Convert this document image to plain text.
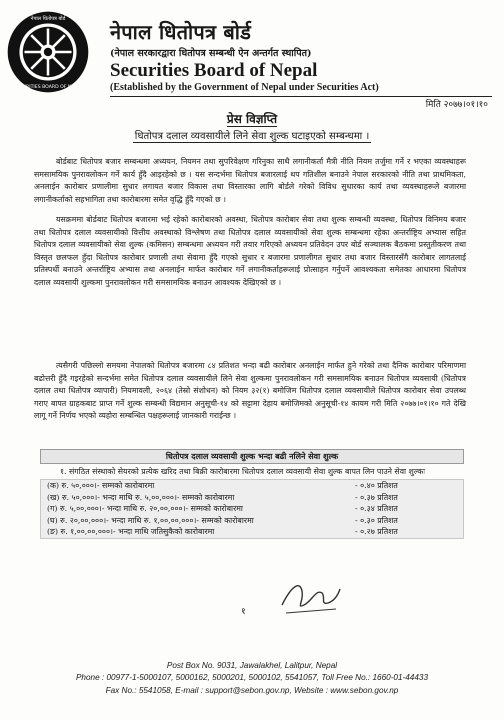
नेपाल धितोपत्र बोर्ड
SECURITIES BOARD OF NEPAL
नेपाल धितोपत्र बोर्ड
(नेपाल सरकारद्वारा धितोपत्र सम्बन्धी ऐन अन्तर्गत स्थापित)
Securities Board of Nepal
(Established by the Government of Nepal under Securities Act)
मिति २०७७।०१।१०
प्रेस विज्ञप्ति
धितोपत्र दलाल व्यवसायीले लिने सेवा शुल्क घटाइएको सम्बन्धमा ।
बोर्डबाट धितोपत्र बजार सम्बन्धमा अध्ययन, नियमन तथा सुपरिवेक्षण गरिनुका साथै लगानीकर्ता मैत्री नीति नियम तर्जुमा गर्ने र भएका व्यवस्थाहरू समसामयिक पुनरावलोकन गर्ने कार्य हुँदै आइरहेको छ । यस सन्दर्भमा धितोपत्र बजारलाई थप गतिशील बनाउने नेपाल सरकारको नीति तथा प्राथमिकता, अनलाईन कारोबार प्रणालीमा सुधार लगायत बजार विकास तथा विस्तारका लागि बोर्डले गरेको विविध सुधारका कार्य तथा व्यवस्थाहरूले बजारमा लगानीकर्ताको सहभागिता तथा कारोबारमा समेत वृद्धि हुँदै गएको छ ।
यसक्रममा बोर्डबाट धितोपत्र बजारमा भई रहेको कारोबारको अवस्था, धितोपत्र कारोबार सेवा तथा शुल्क सम्बन्धी व्यवस्था, धितोपत्र विनिमय बजार तथा धितोपत्र दलाल व्यवसायीको वित्तीय अवस्थाको विश्लेषण तथा धितोपत्र दलाल व्यवसायीको सेवा शुल्क सम्बन्धमा रहेका अन्तर्राष्ट्रिय अभ्यास सहित धितोपत्र दलाल व्यवसायीको सेवा शुल्क (कमिसन) सम्बन्धमा अध्ययन गरी तयार गरिएको अध्ययन प्रतिवेदन उपर बोर्ड सञ्चालक बैठकमा प्रस्तुतीकरण तथा विस्तृत छलफल हुँदा धितोपत्र कारोबार प्रणाली तथा सेवामा हुँदै गएको सुधार र बजारमा प्रणालीगत सुधार तथा बजार विस्तारसँगै कारोबार लागतलाई प्रतिस्पर्धी बनाउने अन्तर्राष्ट्रिय अभ्यास तथा अनलाईन मार्फत कारोबार गर्ने लगानीकर्ताहरूलाई प्रोत्साहन गर्नुपर्ने आवश्यकता समेतका आधारमा धितोपत्र दलाल व्यवसायी शुल्कमा पुनरावलोकन गरी समसामयिक बनाउन आवश्यक देखिएको छ ।
त्यसैगरी पछिल्लो समयमा नेपालको धितोपत्र बजारमा ८४ प्रतिशत भन्दा बढी कारोबार अनलाईन मार्फत हुने गरेको तथा दैनिक कारोबार परिमाणमा बढोत्तरी हुँदै गइरहेको सन्दर्भमा समेत धितोपत्र दलाल व्यवसायीले लिने सेवा शुल्कमा पुनरावलोकन गरी समसामयिक बनाउन धितोपत्र व्यवसायी (धितोपत्र दलाल तथा धितोपत्र व्यापारी) नियमावली, २०६४ (तेस्रो संशोधन) को नियम ३२(१) बमोजिम धितोपत्र दलाल व्यवसायीले धितोपत्र कारोबार सेवा उपलब्ध गराए बापत ग्राहकबाट प्राप्त गर्ने शुल्क सम्बन्धी विद्यमान अनुसूची-१४ को सट्टामा देहाय बमोजिमको अनुसूची-१४ कायम गरी मिति २०७७।०१।१० गते देखि लागू गर्ने निर्णय भएको व्यहोरा सम्बन्धित पक्षहरूलाई जानकारी गराईन्छ ।
धितोपत्र दलाल व्यवसायी शुल्क भन्दा बढी नलिने सेवा शुल्क
१. संगठित संस्थाको सेयरको प्रत्येक खरिद तथा बिक्री कारोबारमा धितोपत्र दलाल व्यवसायी सेवा शुल्क बापत लिन पाउने सेवा शुल्कः
(क) रु. ५०,०००।- सम्मको कारोबारमा	- ०.४० प्रतिशत
(ख) रु. ५०,०००।- भन्दा माथि रु. ५,००,०००।- सम्मको कारोबारमा	- ०.३७ प्रतिशत
(ग) रु. ५,००,०००।- भन्दा माथि रु. २०,००,०००।- सम्मको कारोबारमा	- ०.३४ प्रतिशत
(घ) रु. २०,००,०००।- भन्दा माथि रु. १,००,००,०००।- सम्मको कारोबारमा	- ०.३० प्रतिशत
(ङ) रु. १,००,००,०००।- भन्दा माथि जतिसुकैको कारोबारमा	- ०.२७ प्रतिशत
१
Post Box No. 9031, Jawalakhel, Lalitpur, Nepal
Phone : 00977-1-5000107, 5000162, 5000201, 5000102, 5541057, Toll Free No.: 1660-01-44433
Fax No.: 5541058, E-mail : support@sebon.gov.np, Website : www.sebon.gov.np
